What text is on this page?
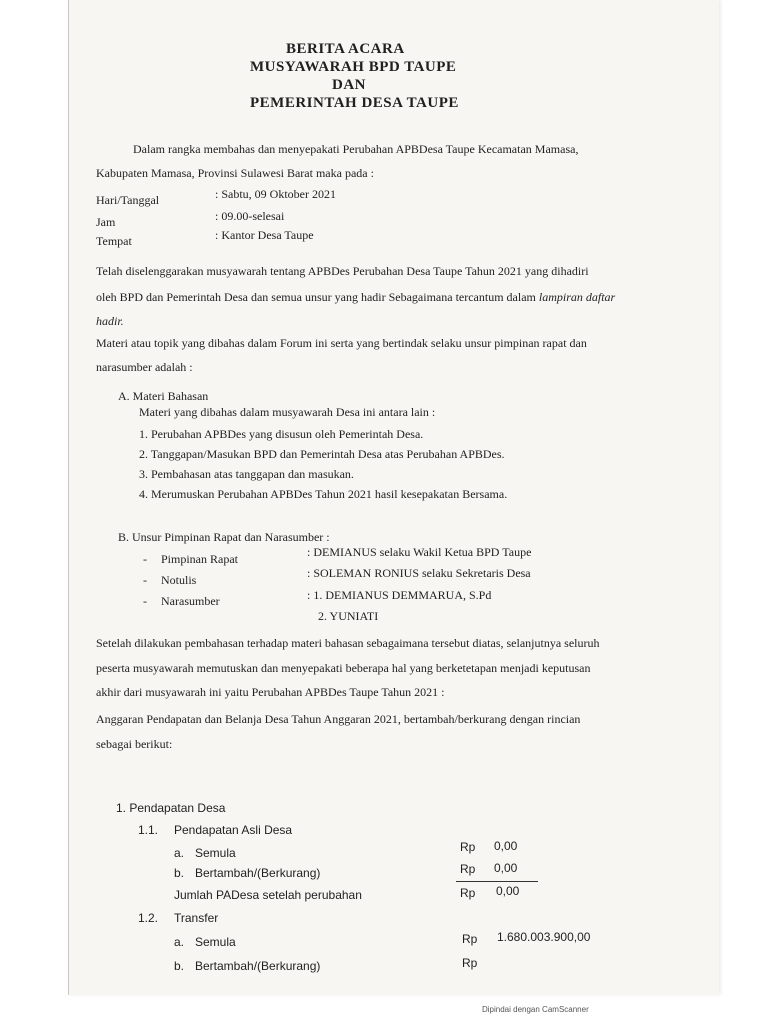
BERITA ACARA
MUSYAWARAH BPD TAUPE
DAN
PEMERINTAH DESA TAUPE
Dalam rangka membahas dan menyepakati Perubahan APBDesa Taupe Kecamatan Mamasa,
Kabupaten Mamasa, Provinsi Sulawesi Barat maka pada :
Hari/Tanggal	: Sabtu, 09 Oktober 2021
Jam	: 09.00-selesai
Tempat	: Kantor Desa Taupe
Telah diselenggarakan musyawarah tentang APBDes Perubahan Desa Taupe Tahun 2021 yang dihadiri
oleh BPD dan Pemerintah Desa dan semua unsur yang hadir Sebagaimana tercantum dalam lampiran daftar
hadir.
Materi atau topik yang dibahas dalam Forum ini serta yang bertindak selaku unsur pimpinan rapat dan
narasumber adalah :
A. Materi Bahasan
Materi yang dibahas dalam musyawarah Desa ini antara lain :
1. Perubahan APBDes yang disusun oleh Pemerintah Desa.
2. Tanggapan/Masukan BPD dan Pemerintah Desa atas Perubahan APBDes.
3. Pembahasan atas tanggapan dan masukan.
4. Merumuskan Perubahan APBDes Tahun 2021 hasil kesepakatan Bersama.
B. Unsur Pimpinan Rapat dan Narasumber :
- Pimpinan Rapat	: DEMIANUS selaku Wakil Ketua BPD Taupe
- Notulis	: SOLEMAN RONIUS selaku Sekretaris Desa
- Narasumber	: 1. DEMIANUS DEMMARUA, S.Pd
2. YUNIATI
Setelah dilakukan pembahasan terhadap materi bahasan sebagaimana tersebut diatas, selanjutnya seluruh
peserta musyawarah memutuskan dan menyepakati beberapa hal yang berketetapan menjadi keputusan
akhir dari musyawarah ini yaitu Perubahan APBDes Taupe Tahun 2021 :
Anggaran Pendapatan dan Belanja Desa Tahun Anggaran 2021, bertambah/berkurang dengan rincian
sebagai berikut:
1. Pendapatan Desa
1.1. Pendapatan Asli Desa
a. Semula	Rp 0,00
b. Bertambah/(Berkurang)	Rp 0,00
Jumlah PADesa setelah perubahan	Rp 0,00
1.2. Transfer
a. Semula	Rp 1.680.003.900,00
b. Bertambah/(Berkurang)	Rp
Dipindai dengan CamScanner
